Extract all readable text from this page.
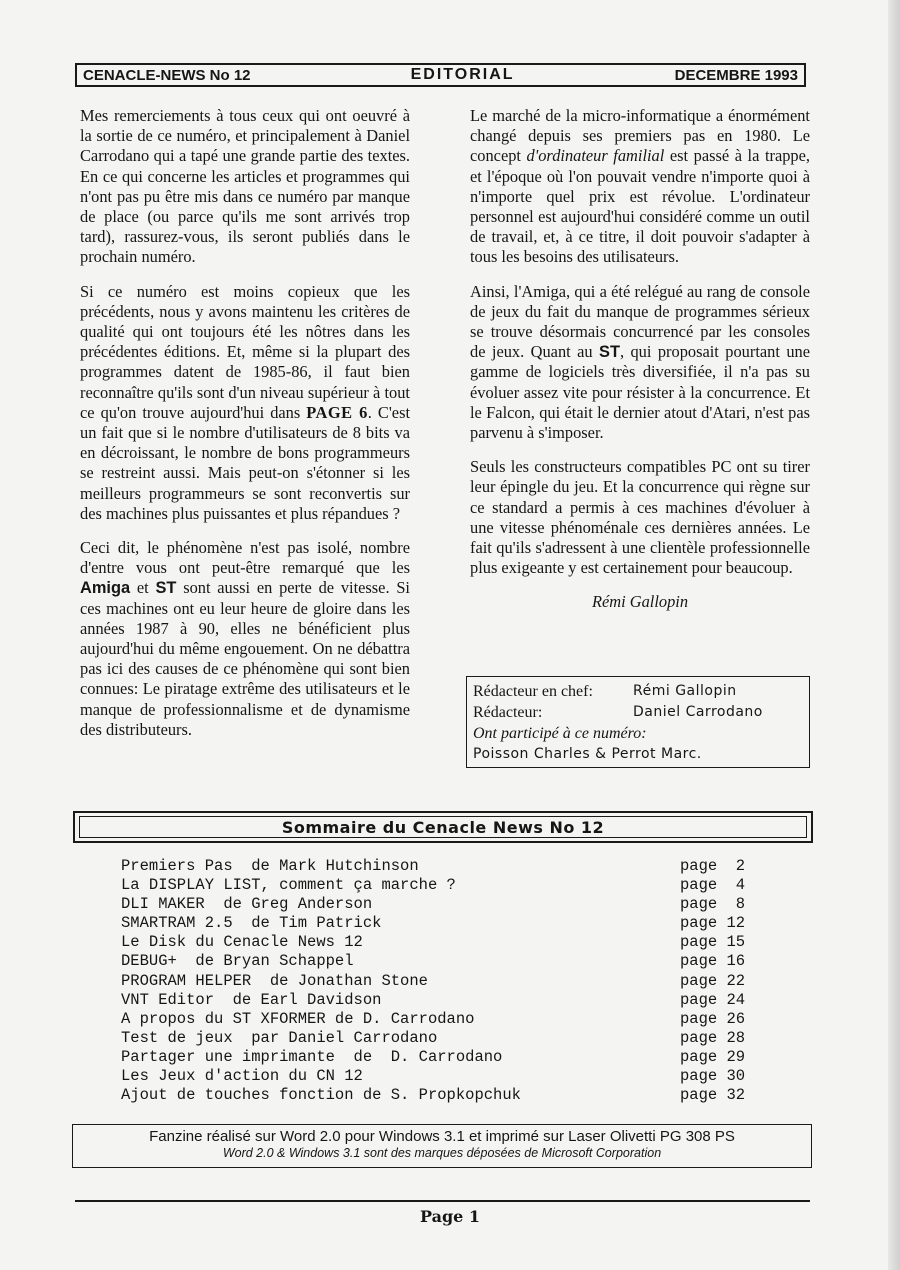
CENACLE-NEWS No 12	EDITORIAL	DECEMBRE 1993

Mes remerciements à tous ceux qui ont oeuvré à la sortie de ce numéro, et principalement à Daniel Carrodano qui a tapé une grande partie des textes. En ce qui concerne les articles et programmes qui n'ont pas pu être mis dans ce numéro par manque de place (ou parce qu'ils me sont arrivés trop tard), rassurez-vous, ils seront publiés dans le prochain numéro.

Si ce numéro est moins copieux que les précédents, nous y avons maintenu les critères de qualité qui ont toujours été les nôtres dans les précédentes éditions. Et, même si la plupart des programmes datent de 1985-86, il faut bien reconnaître qu'ils sont d'un niveau supérieur à tout ce qu'on trouve aujourd'hui dans PAGE 6. C'est un fait que si le nombre d'utilisateurs de 8 bits va en décroissant, le nombre de bons programmeurs se restreint aussi. Mais peut-on s'étonner si les meilleurs programmeurs se sont reconvertis sur des machines plus puissantes et plus répandues ?

Ceci dit, le phénomène n'est pas isolé, nombre d'entre vous ont peut-être remarqué que les Amiga et ST sont aussi en perte de vitesse. Si ces machines ont eu leur heure de gloire dans les années 1987 à 90, elles ne bénéficient plus aujourd'hui du même engouement. On ne débattra pas ici des causes de ce phénomène qui sont bien connues: Le piratage extrême des utilisateurs et le manque de professionnalisme et de dynamisme des distributeurs.

Le marché de la micro-informatique a énormément changé depuis ses premiers pas en 1980. Le concept d'ordinateur familial est passé à la trappe, et l'époque où l'on pouvait vendre n'importe quoi à n'importe quel prix est révolue. L'ordinateur personnel est aujourd'hui considéré comme un outil de travail, et, à ce titre, il doit pouvoir s'adapter à tous les besoins des utilisateurs.

Ainsi, l'Amiga, qui a été relégué au rang de console de jeux du fait du manque de programmes sérieux se trouve désormais concurrencé par les consoles de jeux. Quant au ST, qui proposait pourtant une gamme de logiciels très diversifiée, il n'a pas su évoluer assez vite pour résister à la concurrence. Et le Falcon, qui était le dernier atout d'Atari, n'est pas parvenu à s'imposer.

Seuls les constructeurs compatibles PC ont su tirer leur épingle du jeu. Et la concurrence qui règne sur ce standard a permis à ces machines d'évoluer à une vitesse phénoménale ces dernières années. Le fait qu'ils s'adressent à une clientèle professionnelle plus exigeante y est certainement pour beaucoup.

Rémi Gallopin

Rédacteur en chef:	Rémi Gallopin
Rédacteur:	Daniel Carrodano
Ont participé à ce numéro:
Poisson Charles & Perrot Marc.
Sommaire du Cenacle News No 12
Premiers Pas  de Mark Hutchinson	page  2
La DISPLAY LIST, comment ça marche ?	page  4
DLI MAKER  de Greg Anderson	page  8
SMARTRAM 2.5  de Tim Patrick	page 12
Le Disk du Cenacle News 12	page 15
DEBUG+  de Bryan Schappel	page 16
PROGRAM HELPER  de Jonathan Stone	page 22
VNT Editor  de Earl Davidson	page 24
A propos du ST XFORMER de D. Carrodano	page 26
Test de jeux  par Daniel Carrodano	page 28
Partager une imprimante  de  D. Carrodano	page 29
Les Jeux d'action du CN 12	page 30
Ajout de touches fonction de S. Propkopchuk	page 32
Fanzine réalisé sur Word 2.0 pour Windows 3.1 et imprimé sur Laser Olivetti PG 308 PS
Word 2.0 & Windows 3.1 sont des marques déposées de Microsoft Corporation
Page 1
